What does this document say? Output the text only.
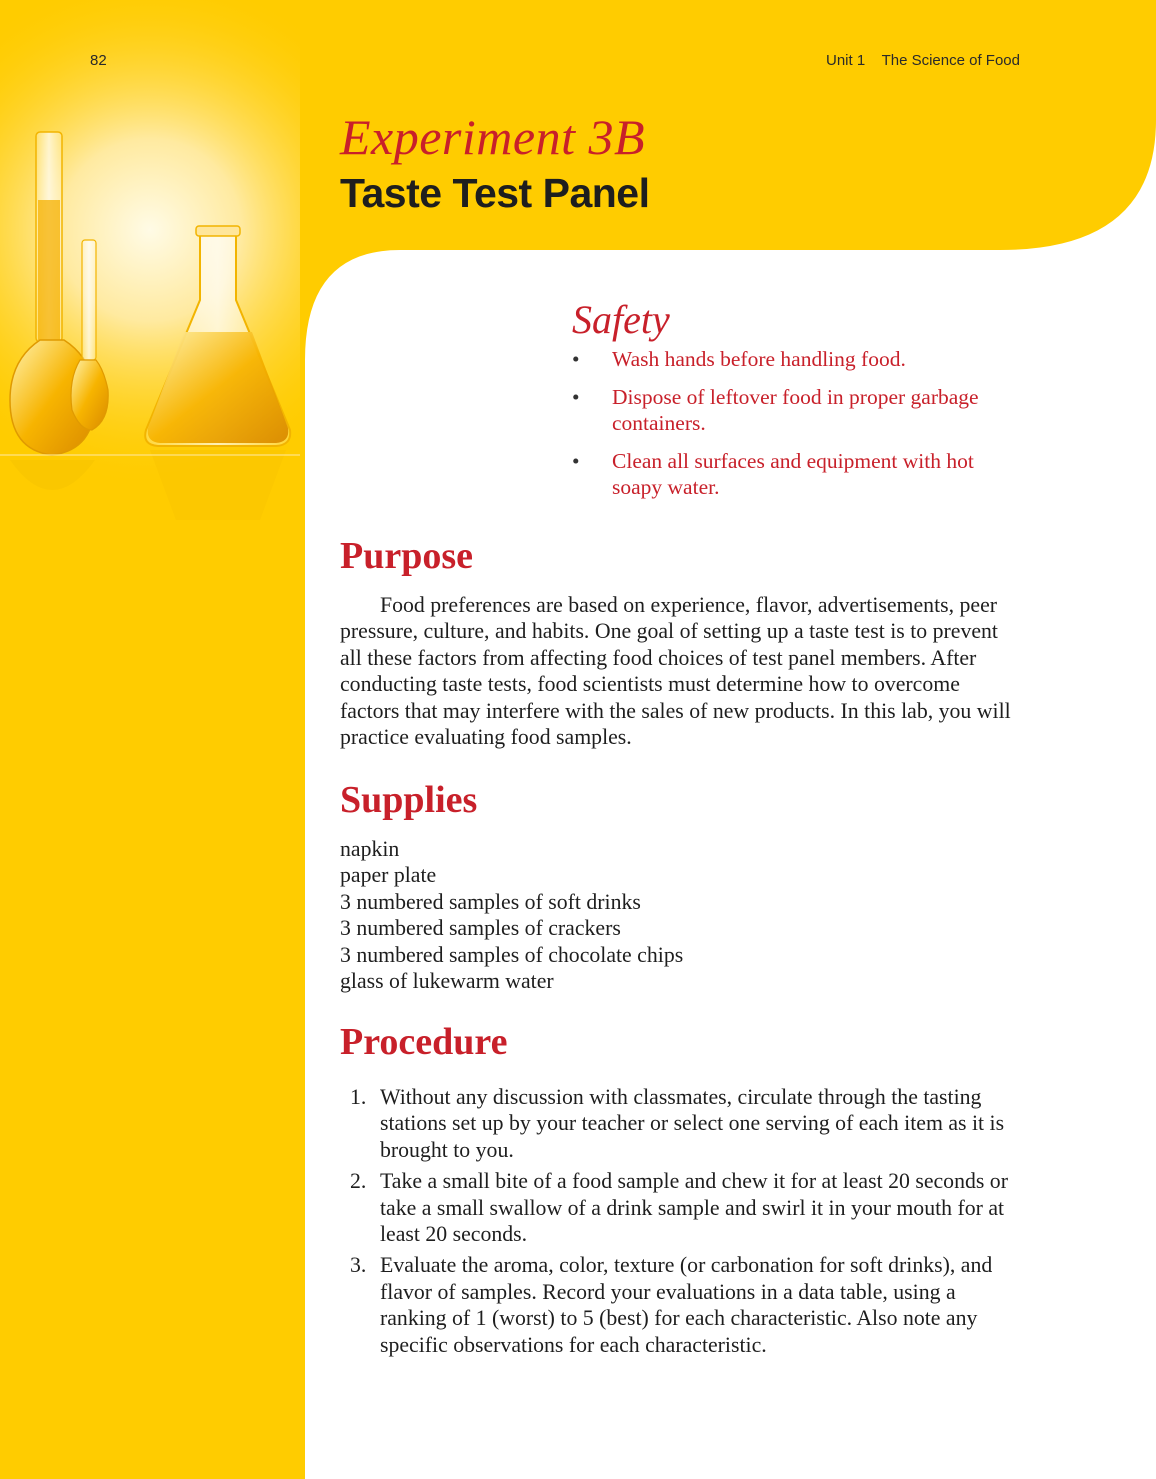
82	Unit 1    The Science of Food
Experiment 3B
Taste Test Panel
Safety
• Wash hands before handling food.
• Dispose of leftover food in proper garbage containers.
• Clean all surfaces and equipment with hot soapy water.
Purpose

Food preferences are based on experience, flavor, advertisements, peer pressure, culture, and habits. One goal of setting up a taste test is to prevent all these factors from affecting food choices of test panel members. After conducting taste tests, food scientists must determine how to overcome factors that may interfere with the sales of new products. In this lab, you will practice evaluating food samples.

Supplies
napkin
paper plate
3 numbered samples of soft drinks
3 numbered samples of crackers
3 numbered samples of chocolate chips
glass of lukewarm water
Procedure
1. Without any discussion with classmates, circulate through the tasting stations set up by your teacher or select one serving of each item as it is brought to you.
2. Take a small bite of a food sample and chew it for at least 20 seconds or take a small swallow of a drink sample and swirl it in your mouth for at least 20 seconds.
3. Evaluate the aroma, color, texture (or carbonation for soft drinks), and flavor of samples. Record your evaluations in a data table, using a ranking of 1 (worst) to 5 (best) for each characteristic. Also note any specific observations for each characteristic.
